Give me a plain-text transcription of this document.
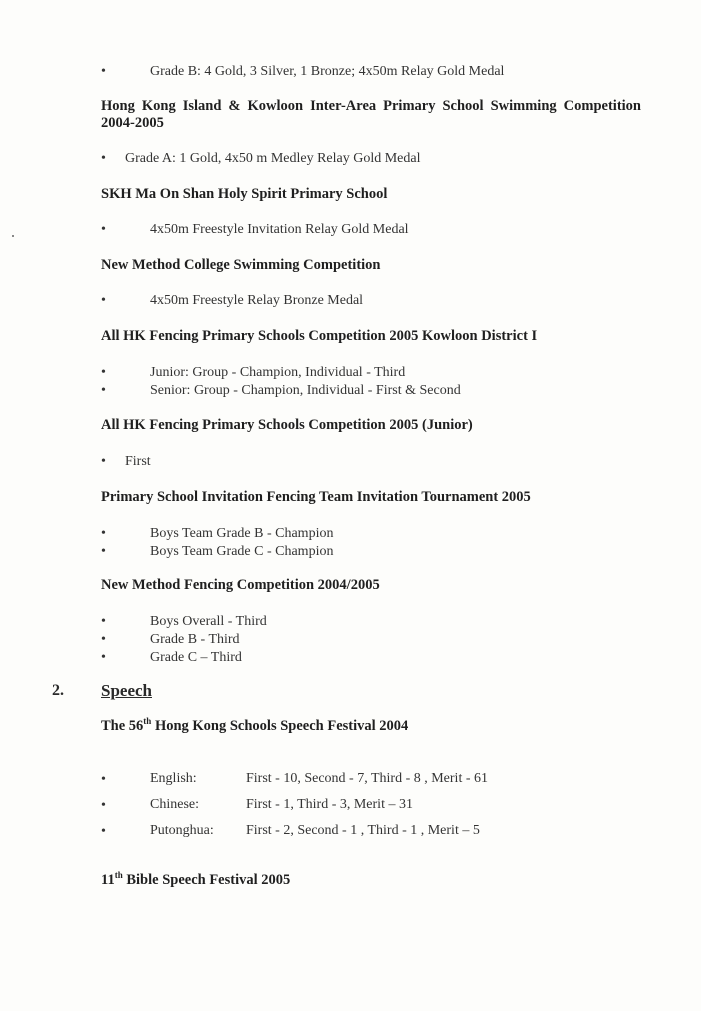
•	Grade B: 4 Gold, 3 Silver, 1 Bronze; 4x50m Relay Gold Medal
Hong Kong Island & Kowloon Inter-Area Primary School Swimming Competition 2004-2005
• Grade A: 1 Gold, 4x50 m Medley Relay Gold Medal
SKH Ma On Shan Holy Spirit Primary School
•	4x50m Freestyle Invitation Relay Gold Medal
New Method College Swimming Competition
•	4x50m Freestyle Relay Bronze Medal
All HK Fencing Primary Schools Competition 2005 Kowloon District I
•	Junior: Group - Champion, Individual - Third
•	Senior: Group - Champion, Individual - First & Second
All HK Fencing Primary Schools Competition 2005 (Junior)
• First
Primary School Invitation Fencing Team Invitation Tournament 2005
•	Boys Team Grade B - Champion
•	Boys Team Grade C - Champion
New Method Fencing Competition 2004/2005
•	Boys Overall - Third
•	Grade B - Third
•	Grade C – Third
2. Speech
The 56th Hong Kong Schools Speech Festival 2004
•	English:	First - 10, Second - 7, Third - 8 , Merit - 61
•	Chinese:	First - 1, Third - 3, Merit – 31
•	Putonghua: First - 2, Second - 1 , Third - 1 , Merit – 5
11th Bible Speech Festival 2005
